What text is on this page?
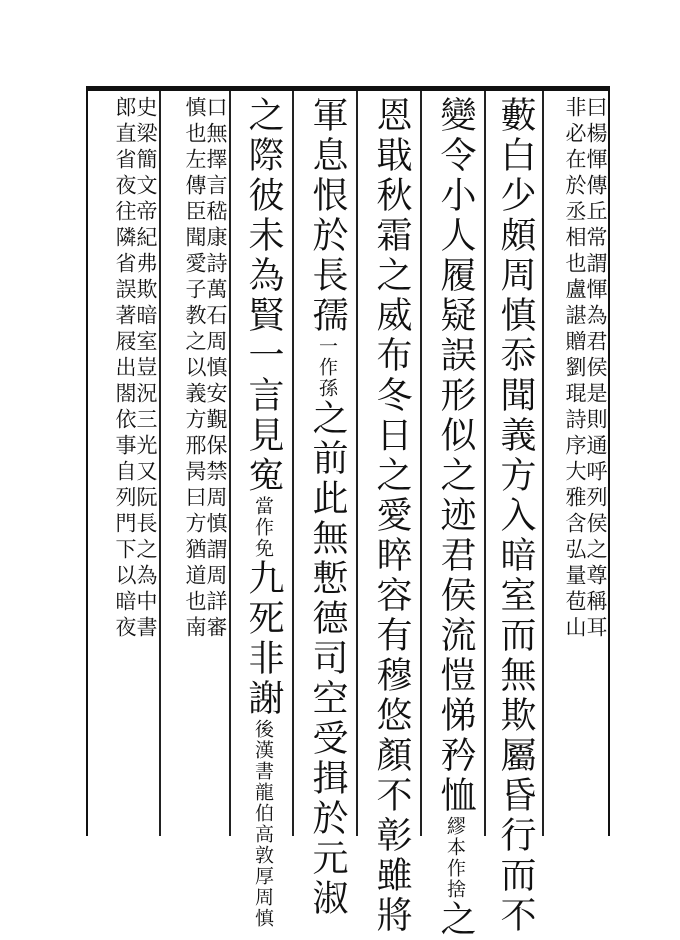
曰楊惲傳丘常謂惲為君侯是則通呼列侯之尊稱耳
非必在於丞相也盧諶贈劉琨詩序大雅含弘量苞山
藪白少頗周慎忝聞義方入暗室而無欺屬昏行而不
變令小人履疑誤形似之迹君侯流愷悌矜恤繆本作捨之
恩戢秋霜之威布冬日之愛睟容有穆悠顏不彰雖將
軍息恨於長孺一作孫之前此無慙德司空受揖於元淑
之際彼未為賢一言見寃當作免九死非謝後漢書龍伯高敦厚周慎
口無擇言嵇康詩萬石周慎安覲保禁周慎謂周詳審
慎也左傳臣聞愛子教之以義方邢昺曰方猶道也南
史梁簡文帝紀弗欺暗室豈況三光又阮長之為中書
郎直省夜往隣省誤著屐出閤依事自列門下以暗夜
